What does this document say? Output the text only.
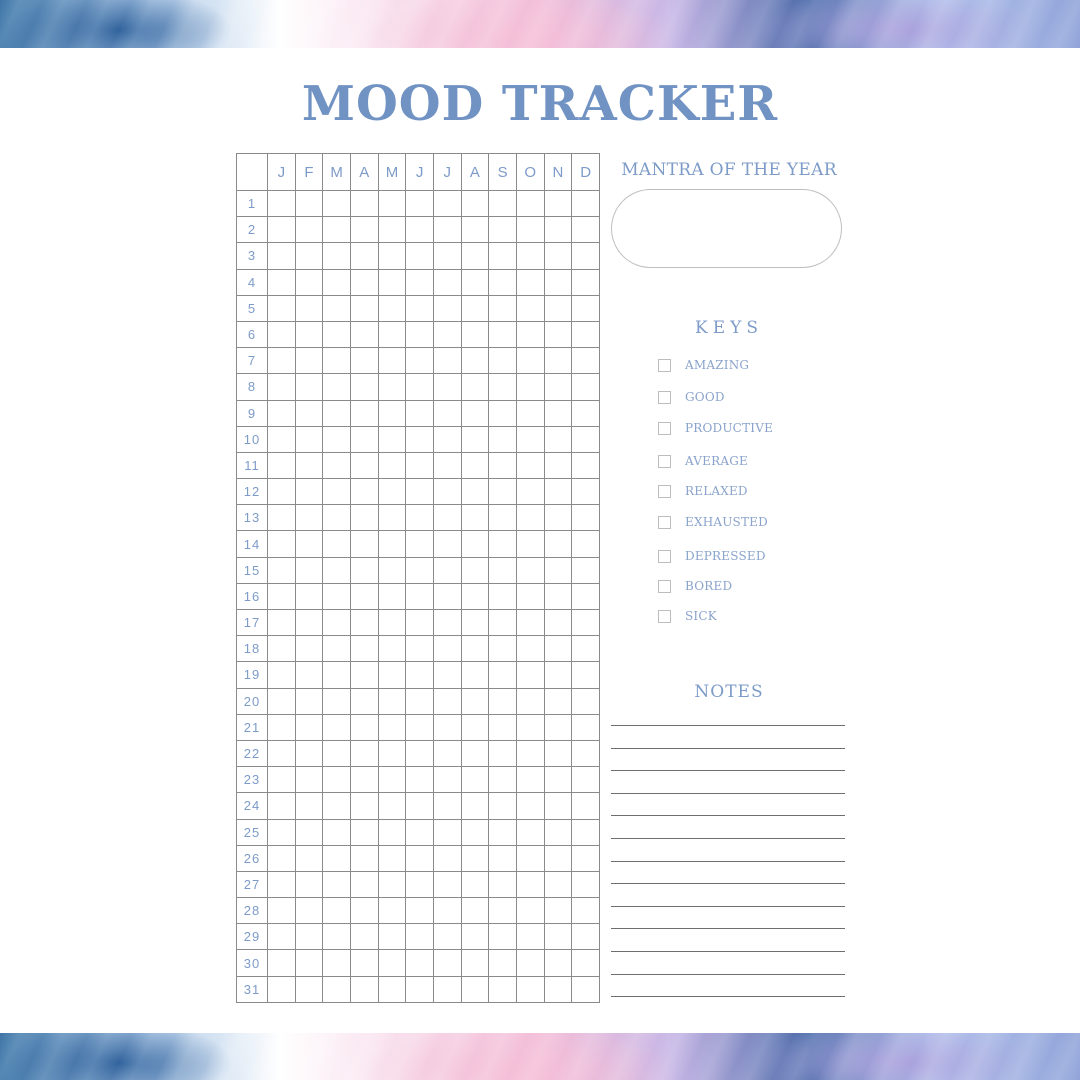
MOOD TRACKER
	J	F	M	A	M	J	J	A	S	O	N	D
1												
2												
3												
4												
5												
6												
7												
8												
9												
10												
11												
12												
13												
14												
15												
16												
17												
18												
19												
20												
21												
22												
23												
24												
25												
26												
27												
28												
29												
30												
31												
MANTRA OF THE YEAR
KEYS
AMAZING
GOOD
PRODUCTIVE
AVERAGE
RELAXED
EXHAUSTED
DEPRESSED
BORED
SICK
NOTES
